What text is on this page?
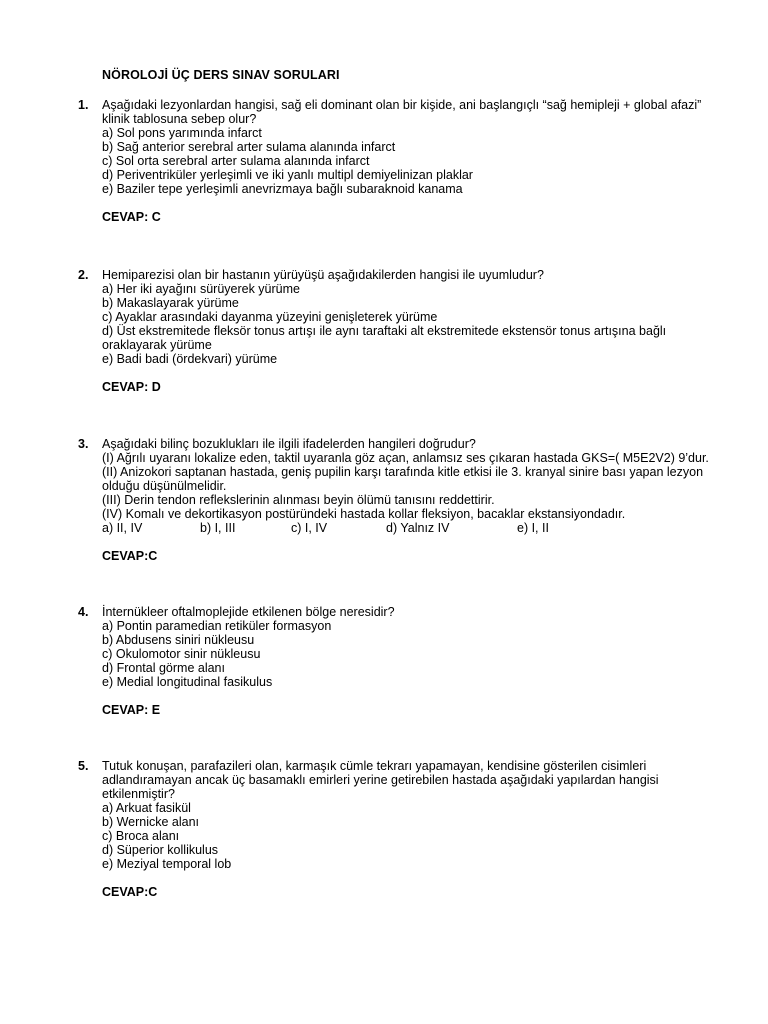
NÖROLOJİ ÜÇ DERS SINAV SORULARI
1. Aşağıdaki lezyonlardan hangisi, sağ eli dominant olan bir kişide, ani başlangıçlı “sağ hemipleji + global afazi”
klinik tablosuna sebep olur?
a) Sol pons yarımında infarct
b) Sağ anterior serebral arter sulama alanında infarct
c) Sol orta serebral arter sulama alanında infarct
d) Periventriküler yerleşimli ve iki yanlı multipl demiyelinizan plaklar
e) Baziler tepe yerleşimli anevrizmaya bağlı subaraknoid kanama
CEVAP: C
2. Hemiparezisi olan bir hastanın yürüyüşü aşağıdakilerden hangisi ile uyumludur?
a) Her iki ayağını sürüyerek yürüme
b) Makaslayarak yürüme
c) Ayaklar arasındaki dayanma yüzeyini genişleterek yürüme
d) Üst ekstremitede fleksör tonus artışı ile aynı taraftaki alt ekstremitede ekstensör tonus artışına bağlı
oraklayarak yürüme
e) Badi badi (ördekvari) yürüme
CEVAP: D
3. Aşağıdaki bilinç bozuklukları ile ilgili ifadelerden hangileri doğrudur?
(I) Ağrılı uyaranı lokalize eden, taktil uyaranla göz açan, anlamsız ses çıkaran hastada GKS=( M5E2V2) 9’dur.
(II) Anizokori saptanan hastada, geniş pupilin karşı tarafında kitle etkisi ile 3. kranyal sinire bası yapan lezyon
olduğu düşünülmelidir.
(III) Derin tendon reflekslerinin alınması beyin ölümü tanısını reddettirir.
(IV) Komalı ve dekortikasyon postüründeki hastada kollar fleksiyon, bacaklar ekstansiyondadır.
a) II, IV	b) I, III	c) I, IV	d) Yalnız IV	e) I, II
CEVAP:C
4. İnternükleer oftalmoplejide etkilenen bölge neresidir?
a) Pontin paramedian retiküler formasyon
b) Abdusens siniri nükleusu
c) Okulomotor sinir nükleusu
d) Frontal görme alanı
e) Medial longitudinal fasikulus
CEVAP: E
5. Tutuk konuşan, parafazileri olan, karmaşık cümle tekrarı yapamayan, kendisine gösterilen cisimleri
adlandıramayan ancak üç basamaklı emirleri yerine getirebilen hastada aşağıdaki yapılardan hangisi
etkilenmiştir?
a) Arkuat fasikül
b) Wernicke alanı
c) Broca alanı
d) Süperior kollikulus
e) Meziyal temporal lob
CEVAP:C
